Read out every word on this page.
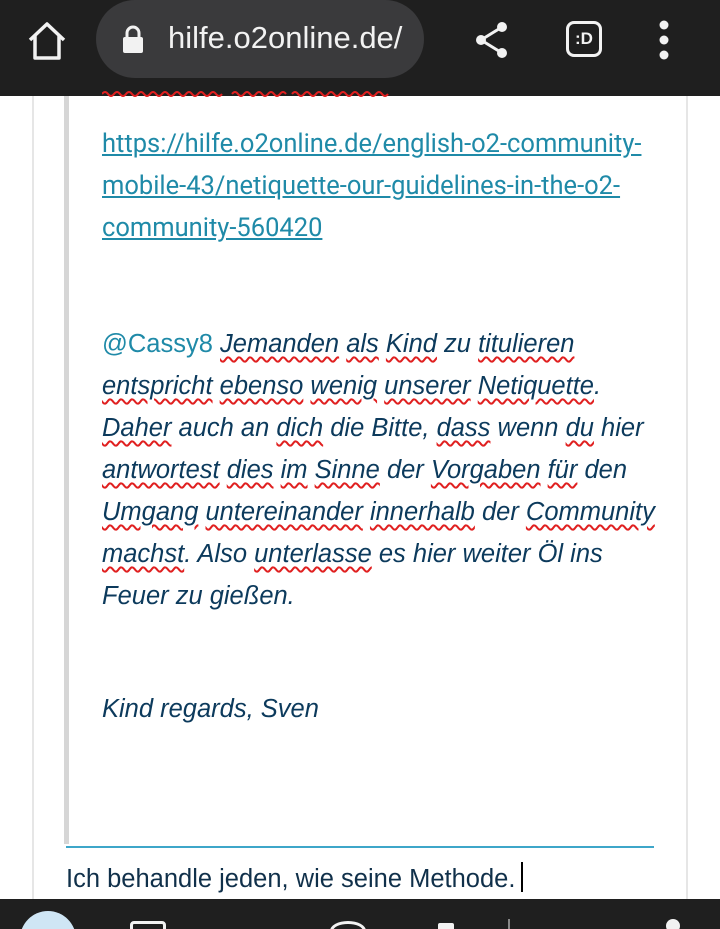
hilfe.o2online.de/	:D
https://hilfe.o2online.de/english-o2-community-mobile-43/netiquette-our-guidelines-in-the-o2-community-560420
@Cassy8 Jemanden als Kind zu titulieren entspricht ebenso wenig unserer Netiquette. Daher auch an dich die Bitte, dass wenn du hier antwortest dies im Sinne der Vorgaben für den Umgang untereinander innerhalb der Community machst. Also unterlasse es hier weiter Öl ins Feuer zu gießen.
Kind regards, Sven
Ich behandle jeden, wie seine Methode.
